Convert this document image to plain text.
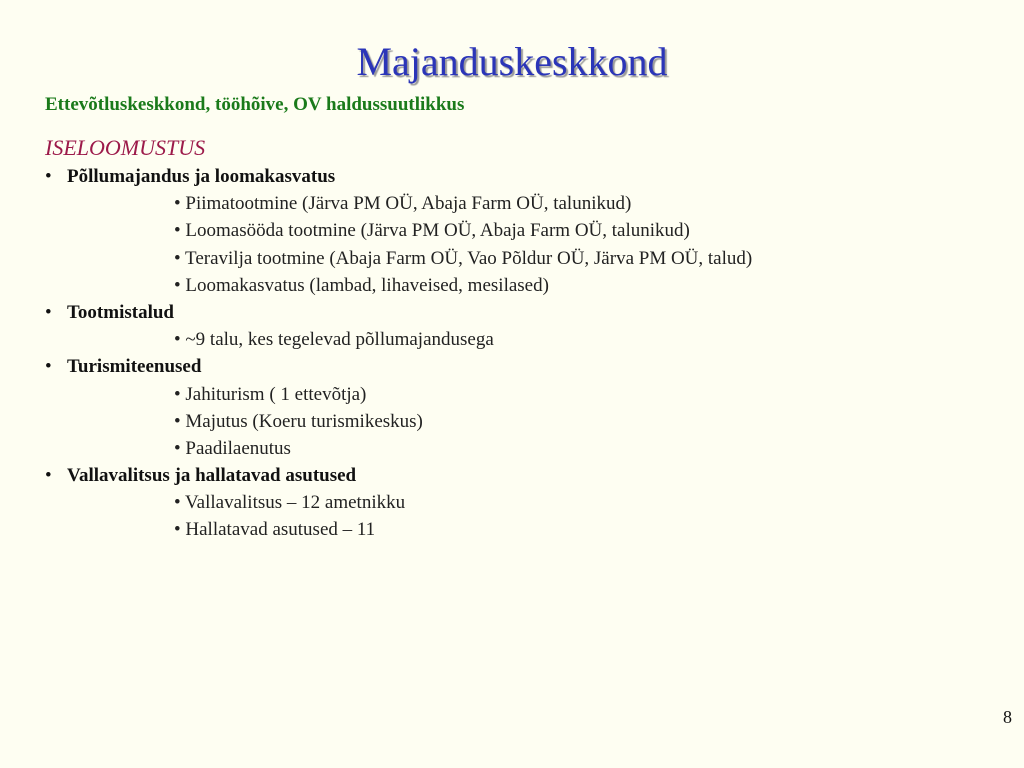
Majanduskeskkond
Ettevõtluskeskkond, tööhõive, OV haldussuutlikkus
ISELOOMUSTUS
• Põllumajandus ja loomakasvatus
• Piimatootmine (Järva PM OÜ, Abaja Farm OÜ, talunikud)
• Loomasööda tootmine (Järva PM OÜ, Abaja Farm OÜ, talunikud)
• Teravilja tootmine (Abaja Farm OÜ, Vao Põldur OÜ, Järva PM OÜ, talud)
• Loomakasvatus (lambad, lihaveised, mesilased)
• Tootmistalud
• ~9 talu, kes tegelevad põllumajandusega
• Turismiteenused
• Jahiturism ( 1 ettevõtja)
• Majutus (Koeru turismikeskus)
• Paadilaenutus
• Vallavalitsus ja hallatavad asutused
• Vallavalitsus – 12 ametnikku
• Hallatavad asutused – 11
8
